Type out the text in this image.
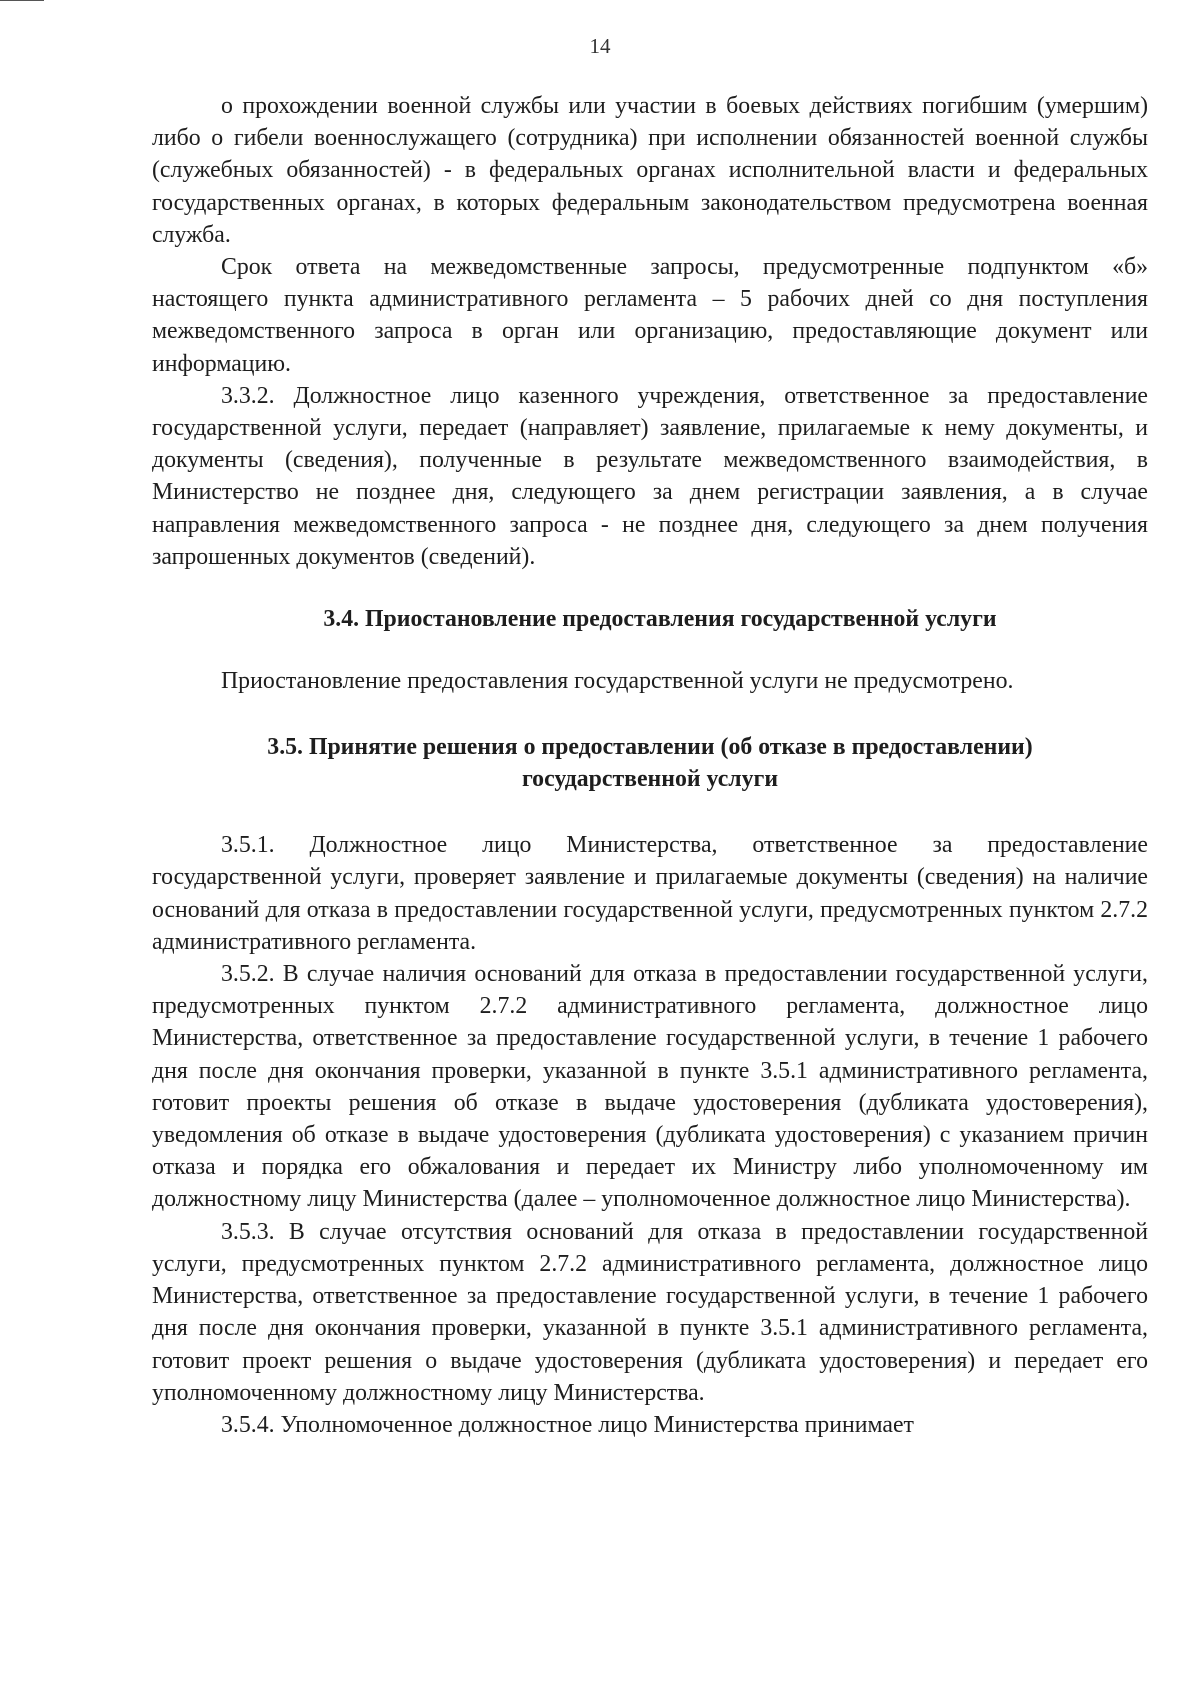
14

о прохождении военной службы или участии в боевых действиях погибшим (умершим) либо о гибели военнослужащего (сотрудника) при исполнении обязанностей военной службы (служебных обязанностей) - в федеральных органах исполнительной власти и федеральных государственных органах, в которых федеральным законодательством предусмотрена военная служба.

Срок ответа на межведомственные запросы, предусмотренные подпунктом «б» настоящего пункта административного регламента – 5 рабочих дней со дня поступления межведомственного запроса в орган или организацию, предоставляющие документ или информацию.

3.3.2. Должностное лицо казенного учреждения, ответственное за предоставление государственной услуги, передает (направляет) заявление, прилагаемые к нему документы, и документы (сведения), полученные в результате межведомственного взаимодействия, в Министерство не позднее дня, следующего за днем регистрации заявления, а в случае направления межведомственного запроса - не позднее дня, следующего за днем получения запрошенных документов (сведений).

3.4. Приостановление предоставления государственной услуги

Приостановление предоставления государственной услуги не предусмотрено.

3.5. Принятие решения о предоставлении (об отказе в предоставлении)
государственной услуги

3.5.1. Должностное лицо Министерства, ответственное за предоставление государственной услуги, проверяет заявление и прилагаемые документы (сведения) на наличие оснований для отказа в предоставлении государственной услуги, предусмотренных пунктом 2.7.2 административного регламента.

3.5.2. В случае наличия оснований для отказа в предоставлении государственной услуги, предусмотренных пунктом 2.7.2 административного регламента, должностное лицо Министерства, ответственное за предоставление государственной услуги, в течение 1 рабочего дня после дня окончания проверки, указанной в пункте 3.5.1 административного регламента, готовит проекты решения об отказе в выдаче удостоверения (дубликата удостоверения), уведомления об отказе в выдаче удостоверения (дубликата удостоверения) с указанием причин отказа и порядка его обжалования и передает их Министру либо уполномоченному им должностному лицу Министерства (далее – уполномоченное должностное лицо Министерства).

3.5.3. В случае отсутствия оснований для отказа в предоставлении государственной услуги, предусмотренных пунктом 2.7.2 административного регламента, должностное лицо Министерства, ответственное за предоставление государственной услуги, в течение 1 рабочего дня после дня окончания проверки, указанной в пункте 3.5.1 административного регламента, готовит проект решения о выдаче удостоверения (дубликата удостоверения) и передает его уполномоченному должностному лицу Министерства.

3.5.4. Уполномоченное должностное лицо Министерства принимает
